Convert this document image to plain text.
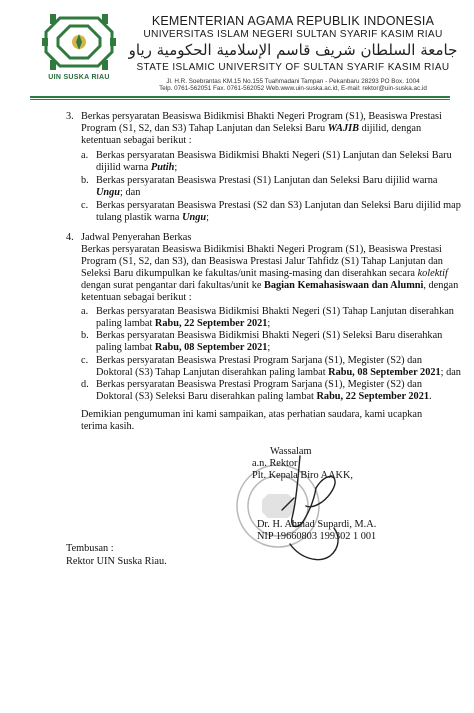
UIN SUSKA RIAU
KEMENTERIAN AGAMA REPUBLIK INDONESIA
UNIVERSITAS ISLAM NEGERI SULTAN SYARIF KASIM RIAU
جامعة السلطان شريف قاسم الإسلامية الحكومية رياو
STATE ISLAMIC UNIVERSITY OF SULTAN SYARIF KASIM RIAU
Jl. H.R. Soebrantas KM.15 No.155 Tuahmadani Tampan - Pekanbaru 28293 PO Box. 1004
Telp. 0761-562051 Fax. 0761-562052 Web.www.uin-suska.ac.id, E-mail: rektor@uin-suska.ac.id
3. Berkas persyaratan Beasiswa Bidikmisi Bhakti Negeri Program (S1), Beasiswa Prestasi
Program (S1, S2, dan S3) Tahap Lanjutan dan Seleksi Baru WAJIB dijilid, dengan
ketentuan sebagai berikut :
a. Berkas persyaratan Beasiswa Bidikmisi Bhakti Negeri (S1) Lanjutan dan Seleksi Baru
dijilid warna Putih;
b. Berkas persyaratan Beasiswa Prestasi (S1) Lanjutan dan Seleksi Baru dijilid warna
Ungu; dan
c. Berkas persyaratan Beasiswa Prestasi (S2 dan S3) Lanjutan dan Seleksi Baru dijilid map
tulang plastik warna Ungu;
4. Jadwal Penyerahan Berkas
Berkas persyaratan Beasiswa Bidikmisi Bhakti Negeri Program (S1), Beasiswa Prestasi
Program (S1, S2, dan S3), dan Beasiswa Prestasi Jalur Tahfidz (S1) Tahap Lanjutan dan
Seleksi Baru dikumpulkan ke fakultas/unit masing-masing dan diserahkan secara kolektif
dengan surat pengantar dari fakultas/unit ke Bagian Kemahasiswaan dan Alumni, dengan
ketentuan sebagai berikut :
a. Berkas persyaratan Beasiswa Bidikmisi Bhakti Negeri (S1) Tahap Lanjutan diserahkan
paling lambat Rabu, 22 September 2021;
b. Berkas persyaratan Beasiswa Bidikmisi Bhakti Negeri (S1) Seleksi Baru diserahkan
paling lambat Rabu, 08 September 2021;
c. Berkas persyaratan Beasiswa Prestasi Program Sarjana (S1), Megister (S2) dan
Doktoral (S3) Tahap Lanjutan diserahkan paling lambat Rabu, 08 September 2021; dan
d. Berkas persyaratan Beasiswa Prestasi Program Sarjana (S1), Megister (S2) dan
Doktoral (S3) Seleksi Baru diserahkan paling lambat Rabu, 22 September 2021.
Demikian pengumuman ini kami sampaikan, atas perhatian saudara, kami ucapkan
terima kasih.
Wassalam
a.n. Rektor
Plt. Kepala Biro AAKK,
Dr. H. Ahmad Supardi, M.A.
NIP 19660803 199302 1 001
Tembusan :
Rektor UIN Suska Riau.
